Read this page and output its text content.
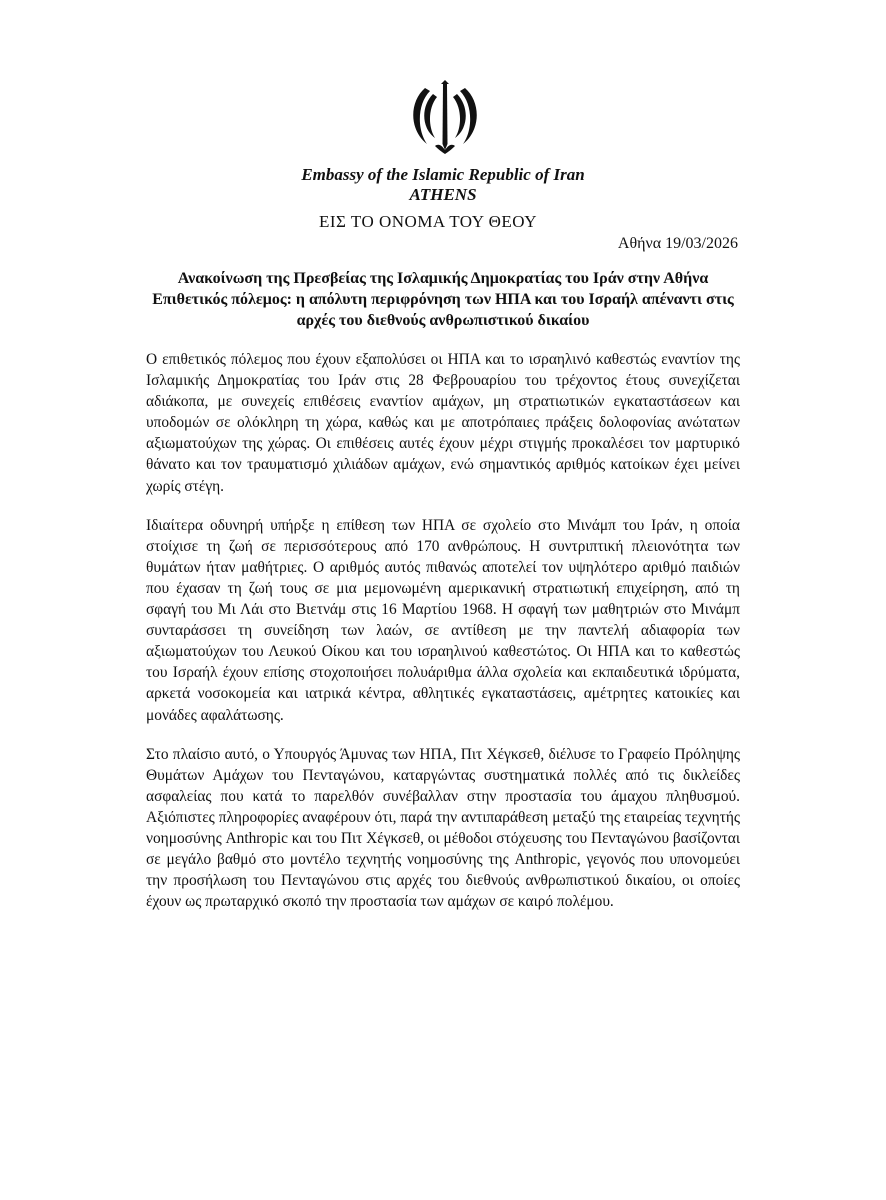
Embassy of the Islamic Republic of Iran
ATHENS
ΕΙΣ ΤΟ ΟΝΟΜΑ ΤΟΥ ΘΕΟΥ
Αθήνα 19/03/2026
Ανακοίνωση της Πρεσβείας της Ισλαμικής Δημοκρατίας του Ιράν στην Αθήνα
Επιθετικός πόλεμος: η απόλυτη περιφρόνηση των ΗΠΑ και του Ισραήλ απέναντι στις αρχές του διεθνούς ανθρωπιστικού δικαίου

Ο επιθετικός πόλεμος που έχουν εξαπολύσει οι ΗΠΑ και το ισραηλινό καθεστώς εναντίον της Ισλαμικής Δημοκρατίας του Ιράν στις 28 Φεβρουαρίου του τρέχοντος έτους συνεχίζεται αδιάκοπα, με συνεχείς επιθέσεις εναντίον αμάχων, μη στρατιωτικών εγκαταστάσεων και υποδομών σε ολόκληρη τη χώρα, καθώς και με αποτρόπαιες πράξεις δολοφονίας ανώτατων αξιωματούχων της χώρας. Οι επιθέσεις αυτές έχουν μέχρι στιγμής προκαλέσει τον μαρτυρικό θάνατο και τον τραυματισμό χιλιάδων αμάχων, ενώ σημαντικός αριθμός κατοίκων έχει μείνει χωρίς στέγη.

Ιδιαίτερα οδυνηρή υπήρξε η επίθεση των ΗΠΑ σε σχολείο στο Μινάμπ του Ιράν, η οποία στοίχισε τη ζωή σε περισσότερους από 170 ανθρώπους. Η συντριπτική πλειονότητα των θυμάτων ήταν μαθήτριες. Ο αριθμός αυτός πιθανώς αποτελεί τον υψηλότερο αριθμό παιδιών που έχασαν τη ζωή τους σε μια μεμονωμένη αμερικανική στρατιωτική επιχείρηση, από τη σφαγή του Μι Λάι στο Βιετνάμ στις 16 Μαρτίου 1968. Η σφαγή των μαθητριών στο Μινάμπ συνταράσσει τη συνείδηση των λαών, σε αντίθεση με την παντελή αδιαφορία των αξιωματούχων του Λευκού Οίκου και του ισραηλινού καθεστώτος. Οι ΗΠΑ και το καθεστώς του Ισραήλ έχουν επίσης στοχοποιήσει πολυάριθμα άλλα σχολεία και εκπαιδευτικά ιδρύματα, αρκετά νοσοκομεία και ιατρικά κέντρα, αθλητικές εγκαταστάσεις, αμέτρητες κατοικίες και μονάδες αφαλάτωσης.

Στο πλαίσιο αυτό, ο Υπουργός Άμυνας των ΗΠΑ, Πιτ Χέγκσεθ, διέλυσε το Γραφείο Πρόληψης Θυμάτων Αμάχων του Πενταγώνου, καταργώντας συστηματικά πολλές από τις δικλείδες ασφαλείας που κατά το παρελθόν συνέβαλλαν στην προστασία του άμαχου πληθυσμού. Αξιόπιστες πληροφορίες αναφέρουν ότι, παρά την αντιπαράθεση μεταξύ της εταιρείας τεχνητής νοημοσύνης Anthropic και του Πιτ Χέγκσεθ, οι μέθοδοι στόχευσης του Πενταγώνου βασίζονται σε μεγάλο βαθμό στο μοντέλο τεχνητής νοημοσύνης της Anthropic, γεγονός που υπονομεύει την προσήλωση του Πενταγώνου στις αρχές του διεθνούς ανθρωπιστικού δικαίου, οι οποίες έχουν ως πρωταρχικό σκοπό την προστασία των αμάχων σε καιρό πολέμου.
